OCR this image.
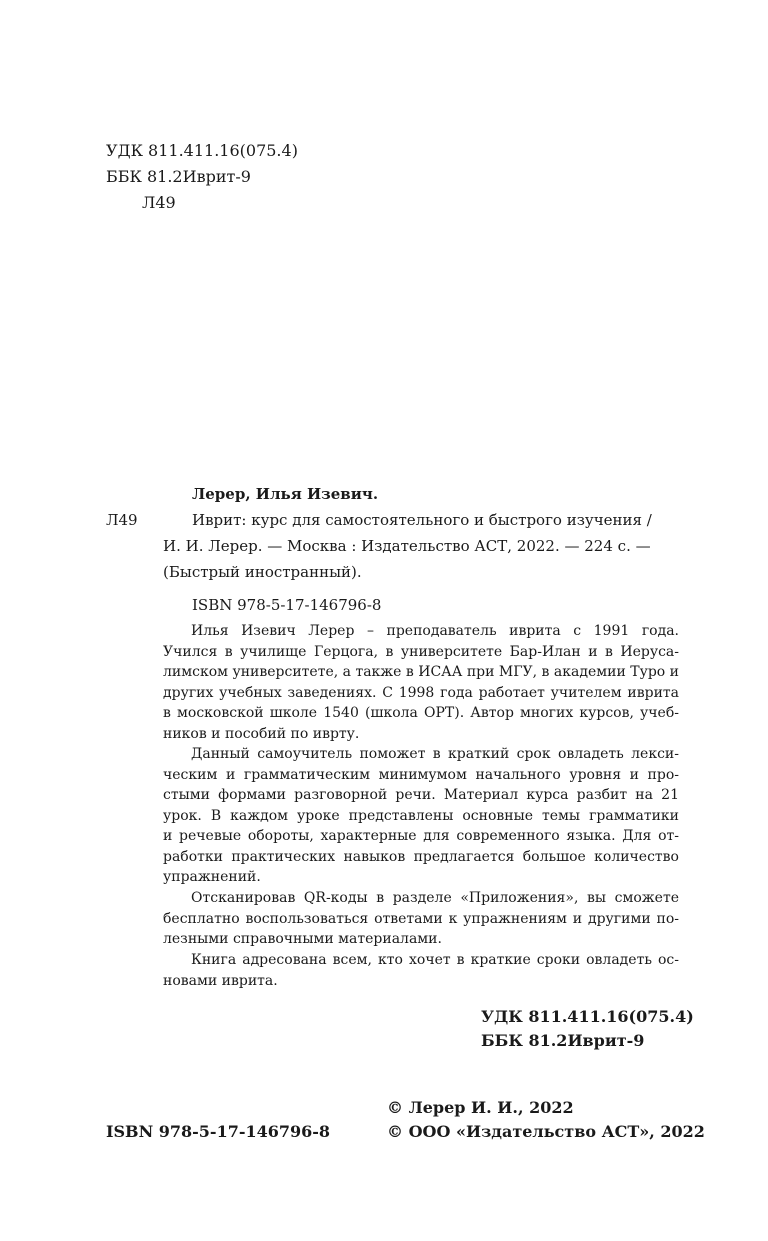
УДК 811.411.16(075.4)
ББК 81.2Иврит-9
Л49
Лерер, Илья Изевич.
Л49	Иврит: курс для самостоятельного и быстрого изучения /
И. И. Лерер. — Москва : Издательство АСТ, 2022. — 224 с. —
(Быстрый иностранный).
ISBN 978-5-17-146796-8
Илья Изевич Лерер – преподаватель иврита с 1991 года.
Учился в училище Герцога, в университете Бар-Илан и в Иеруса-
лимском университете, а также в ИСАА при МГУ, в академии Туро и
других учебных заведениях. С 1998 года работает учителем иврита
в московской школе 1540 (школа ОРТ). Автор многих курсов, учеб-
ников и пособий по иврту.
Данный самоучитель поможет в краткий срок овладеть лекси-
ческим и грамматическим минимумом начального уровня и про-
стыми формами разговорной речи. Материал курса разбит на 21
урок. В каждом уроке представлены основные темы грамматики
и речевые обороты, характерные для современного языка. Для от-
работки практических навыков предлагается большое количество
упражнений.
Отсканировав QR-коды в разделе «Приложения», вы сможете
бесплатно воспользоваться ответами к упражнениям и другими по-
лезными справочными материалами.
Книга адресована всем, кто хочет в краткие сроки овладеть ос-
новами иврита.
УДК 811.411.16(075.4)
ББК 81.2Иврит-9
© Лерер И. И., 2022
ISBN 978-5-17-146796-8	© ООО «Издательство АСТ», 2022
